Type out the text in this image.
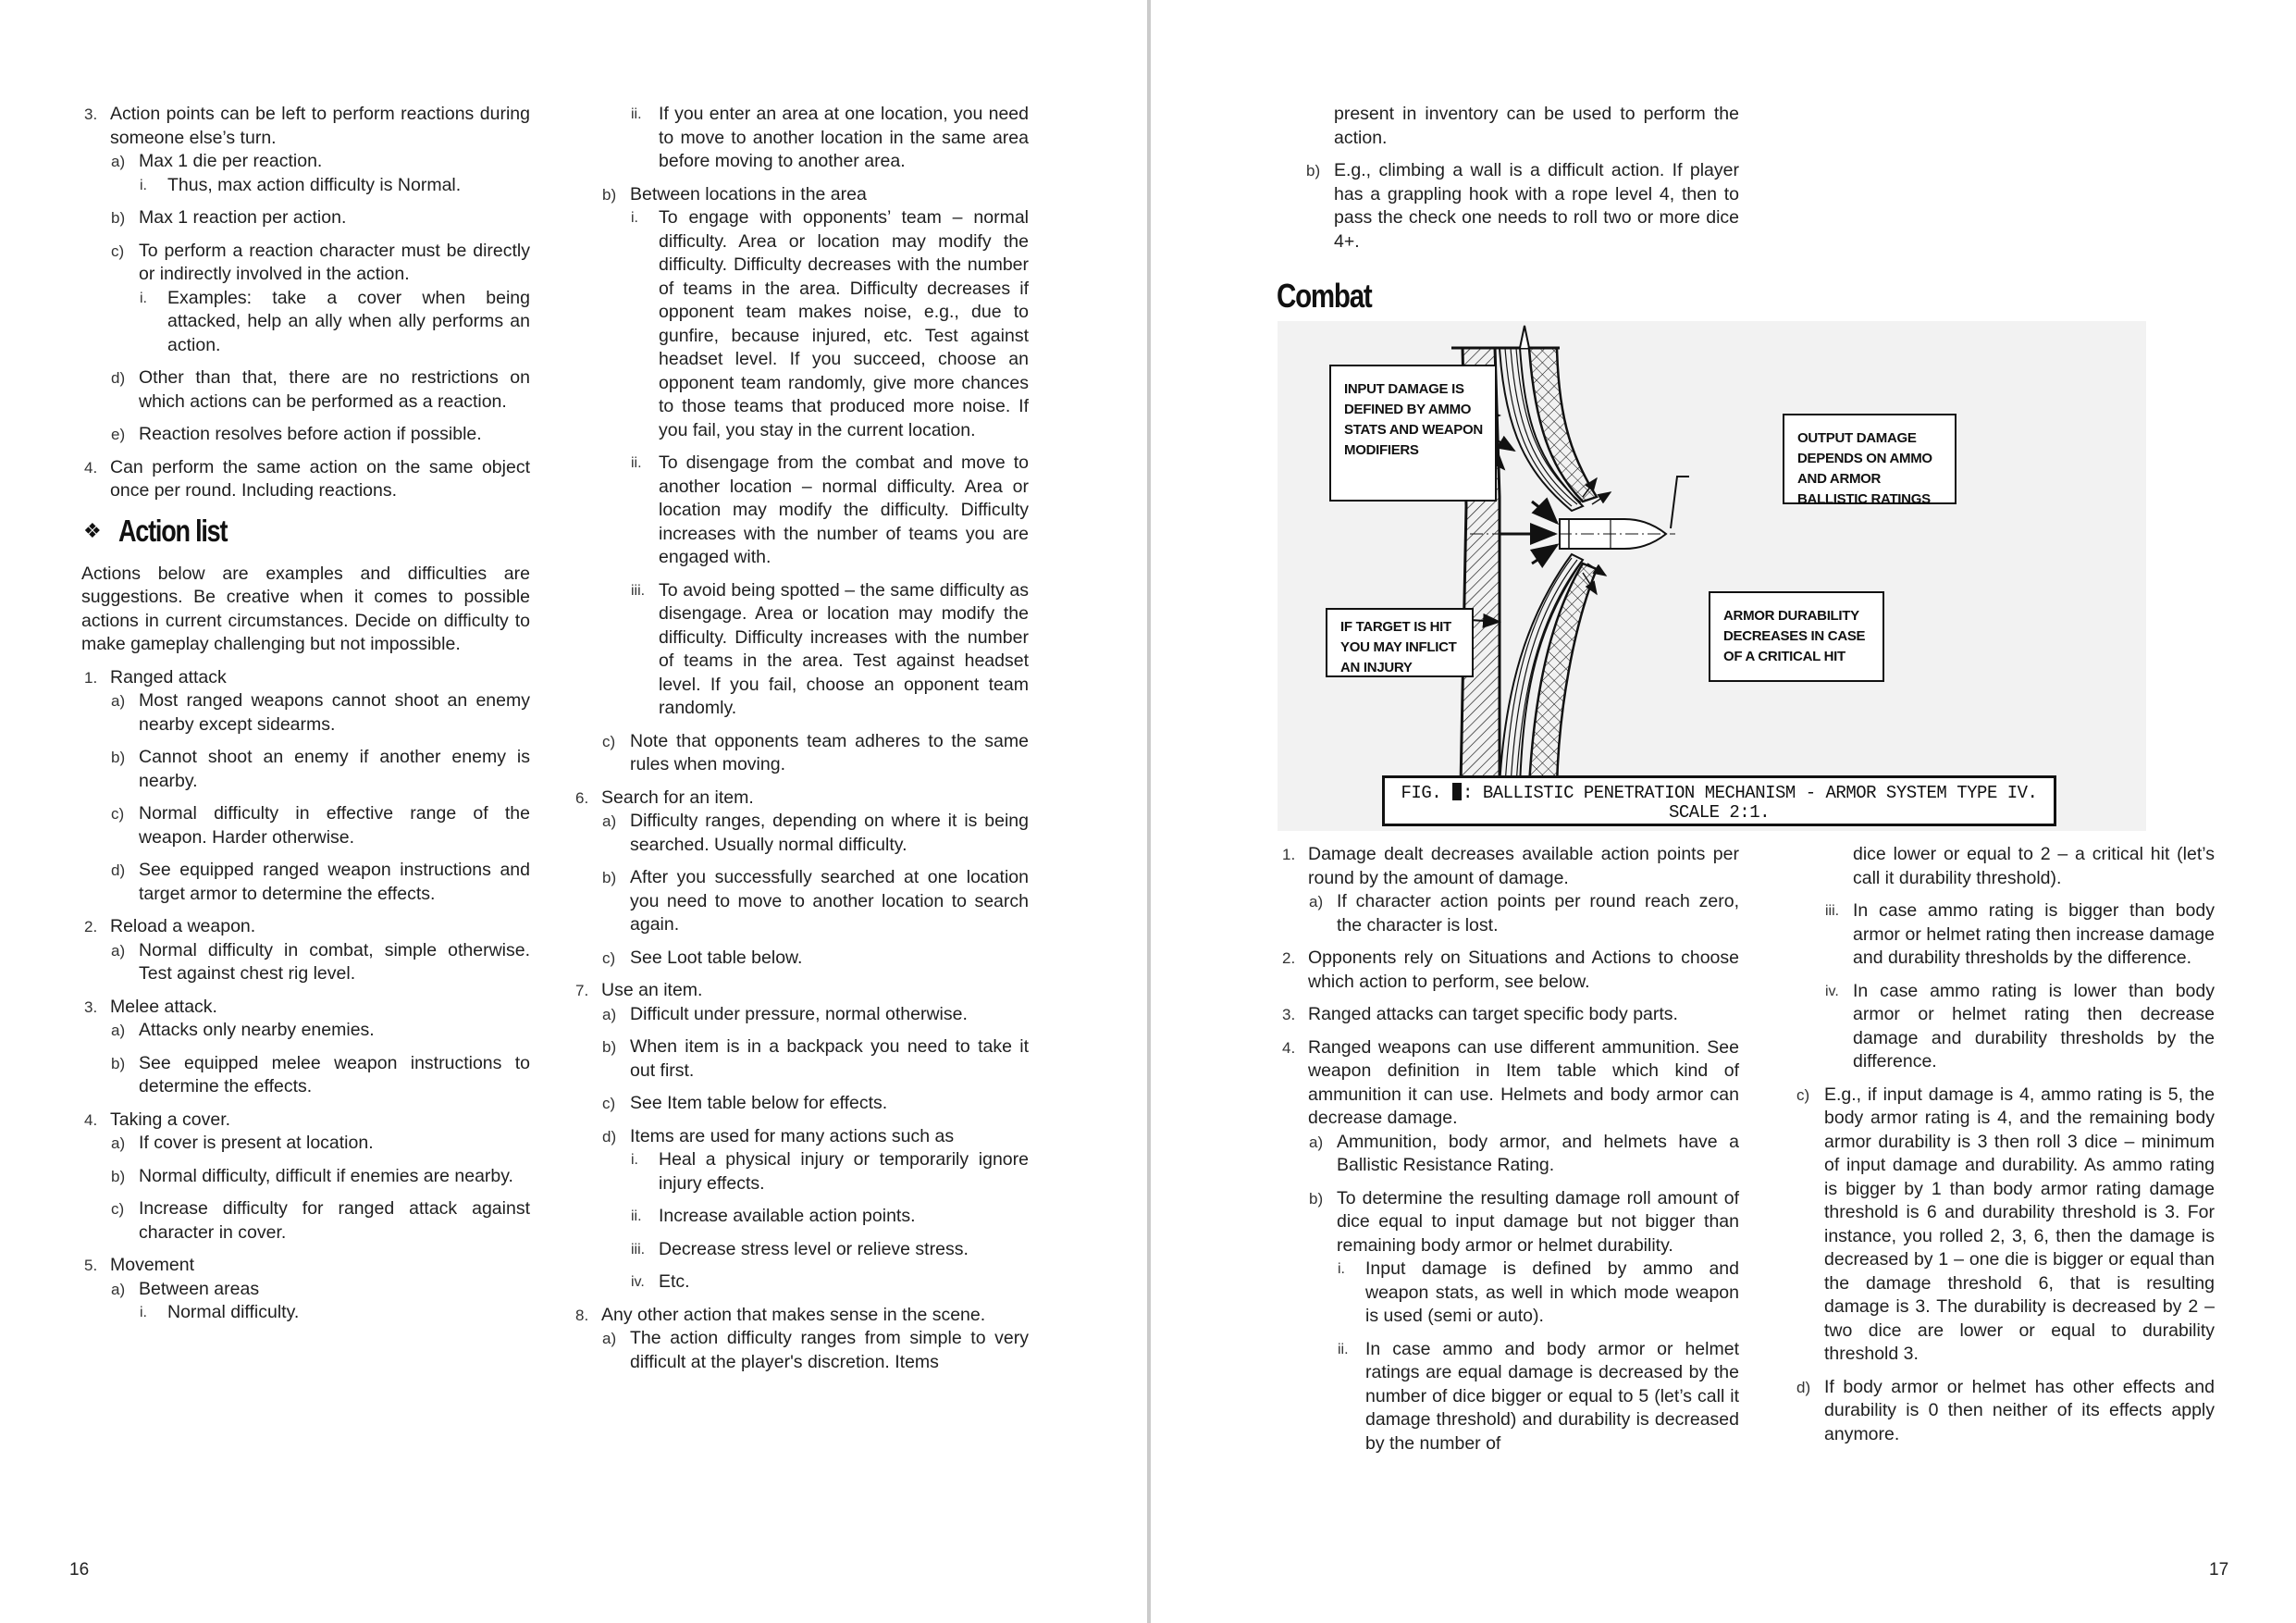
3. Action points can be left to perform reactions during someone else’s turn.
a) Max 1 die per reaction.
i. Thus, max action difficulty is Normal.
b) Max 1 reaction per action.
c) To perform a reaction character must be directly or indirectly involved in the action.
i. Examples: take a cover when being attacked, help an ally when ally performs an action.
d) Other than that, there are no restrictions on which actions can be performed as a reaction.
e) Reaction resolves before action if possible.
4. Can perform the same action on the same object once per round. Including reactions.
❖ Action list

Actions below are examples and difficulties are suggestions. Be creative when it comes to possible actions in current circumstances. Decide on difficulty to make gameplay challenging but not impossible.

1. Ranged attack
a) Most ranged weapons cannot shoot an enemy nearby except sidearms.
b) Cannot shoot an enemy if another enemy is nearby.
c) Normal difficulty in effective range of the weapon. Harder otherwise.
d) See equipped ranged weapon instructions and target armor to determine the effects.
2. Reload a weapon.
a) Normal difficulty in combat, simple otherwise. Test against chest rig level.
3. Melee attack.
a) Attacks only nearby enemies.
b) See equipped melee weapon instructions to determine the effects.
4. Taking a cover.
a) If cover is present at location.
b) Normal difficulty, difficult if enemies are nearby.
c) Increase difficulty for ranged attack against character in cover.
5. Movement
a) Between areas
i. Normal difficulty.
ii. If you enter an area at one location, you need to move to another location in the same area before moving to another area.
b) Between locations in the area
i. To engage with opponents’ team – normal difficulty. Area or location may modify the difficulty. Difficulty decreases with the number of teams in the area. Difficulty decreases if opponent team makes noise, e.g., due to gunfire, because injured, etc. Test against headset level. If you succeed, choose an opponent team randomly, give more chances to those teams that produced more noise. If you fail, you stay in the current location.
ii. To disengage from the combat and move to another location – normal difficulty. Area or location may modify the difficulty. Difficulty increases with the number of teams you are engaged with.
iii. To avoid being spotted – the same difficulty as disengage. Area or location may modify the difficulty. Difficulty increases with the number of teams in the area. Test against headset level. If you fail, choose an opponent team randomly.
c) Note that opponents team adheres to the same rules when moving.
6. Search for an item.
a) Difficulty ranges, depending on where it is being searched. Usually normal difficulty.
b) After you successfully searched at one location you need to move to another location to search again.
c) See Loot table below.
7. Use an item.
a) Difficult under pressure, normal otherwise.
b) When item is in a backpack you need to take it out first.
c) See Item table below for effects.
d) Items are used for many actions such as
i. Heal a physical injury or temporarily ignore injury effects.
ii. Increase available action points.
iii. Decrease stress level or relieve stress.
iv. Etc.
8. Any other action that makes sense in the scene.
a) The action difficulty ranges from simple to very difficult at the player's discretion. Items
16
present in inventory can be used to perform the action.
b) E.g., climbing a wall is a difficult action. If player has a grappling hook with a rope level 4, then to pass the check one needs to roll two or more dice 4+.
Combat
INPUT DAMAGE IS DEFINED BY AMMO STATS AND WEAPON MODIFIERS
OUTPUT DAMAGE DEPENDS ON AMMO AND ARMOR BALLISTIC RATINGS
IF TARGET IS HIT YOU MAY INFLICT AN INJURY
ARMOR DURABILITY DECREASES IN CASE OF A CRITICAL HIT
FIG. : BALLISTIC PENETRATION MECHANISM - ARMOR SYSTEM TYPE IV.
SCALE 2:1.
1. Damage dealt decreases available action points per round by the amount of damage.
a) If character action points per round reach zero, the character is lost.
2. Opponents rely on Situations and Actions to choose which action to perform, see below.
3. Ranged attacks can target specific body parts.
4. Ranged weapons can use different ammunition. See weapon definition in Item table which kind of ammunition it can use. Helmets and body armor can decrease damage.
a) Ammunition, body armor, and helmets have a Ballistic Resistance Rating.
b) To determine the resulting damage roll amount of dice equal to input damage but not bigger than remaining body armor or helmet durability.
i. Input damage is defined by ammo and weapon stats, as well in which mode weapon is used (semi or auto).
ii. In case ammo and body armor or helmet ratings are equal damage is decreased by the number of dice bigger or equal to 5 (let’s call it damage threshold) and durability is decreased by the number of
dice lower or equal to 2 – a critical hit (let’s call it durability threshold).
iii. In case ammo rating is bigger than body armor or helmet rating then increase damage and durability thresholds by the difference.
iv. In case ammo rating is lower than body armor or helmet rating then decrease damage and durability thresholds by the difference.
c) E.g., if input damage is 4, ammo rating is 5, the body armor rating is 4, and the remaining body armor durability is 3 then roll 3 dice – minimum of input damage and durability. As ammo rating is bigger by 1 than body armor rating damage threshold is 6 and durability threshold is 3. For instance, you rolled 2, 3, 6, then the damage is decreased by 1 – one die is bigger or equal than the damage threshold 6, that is resulting damage is 3. The durability is decreased by 2 – two dice are lower or equal to durability threshold 3.
d) If body armor or helmet has other effects and durability is 0 then neither of its effects apply anymore.
17
